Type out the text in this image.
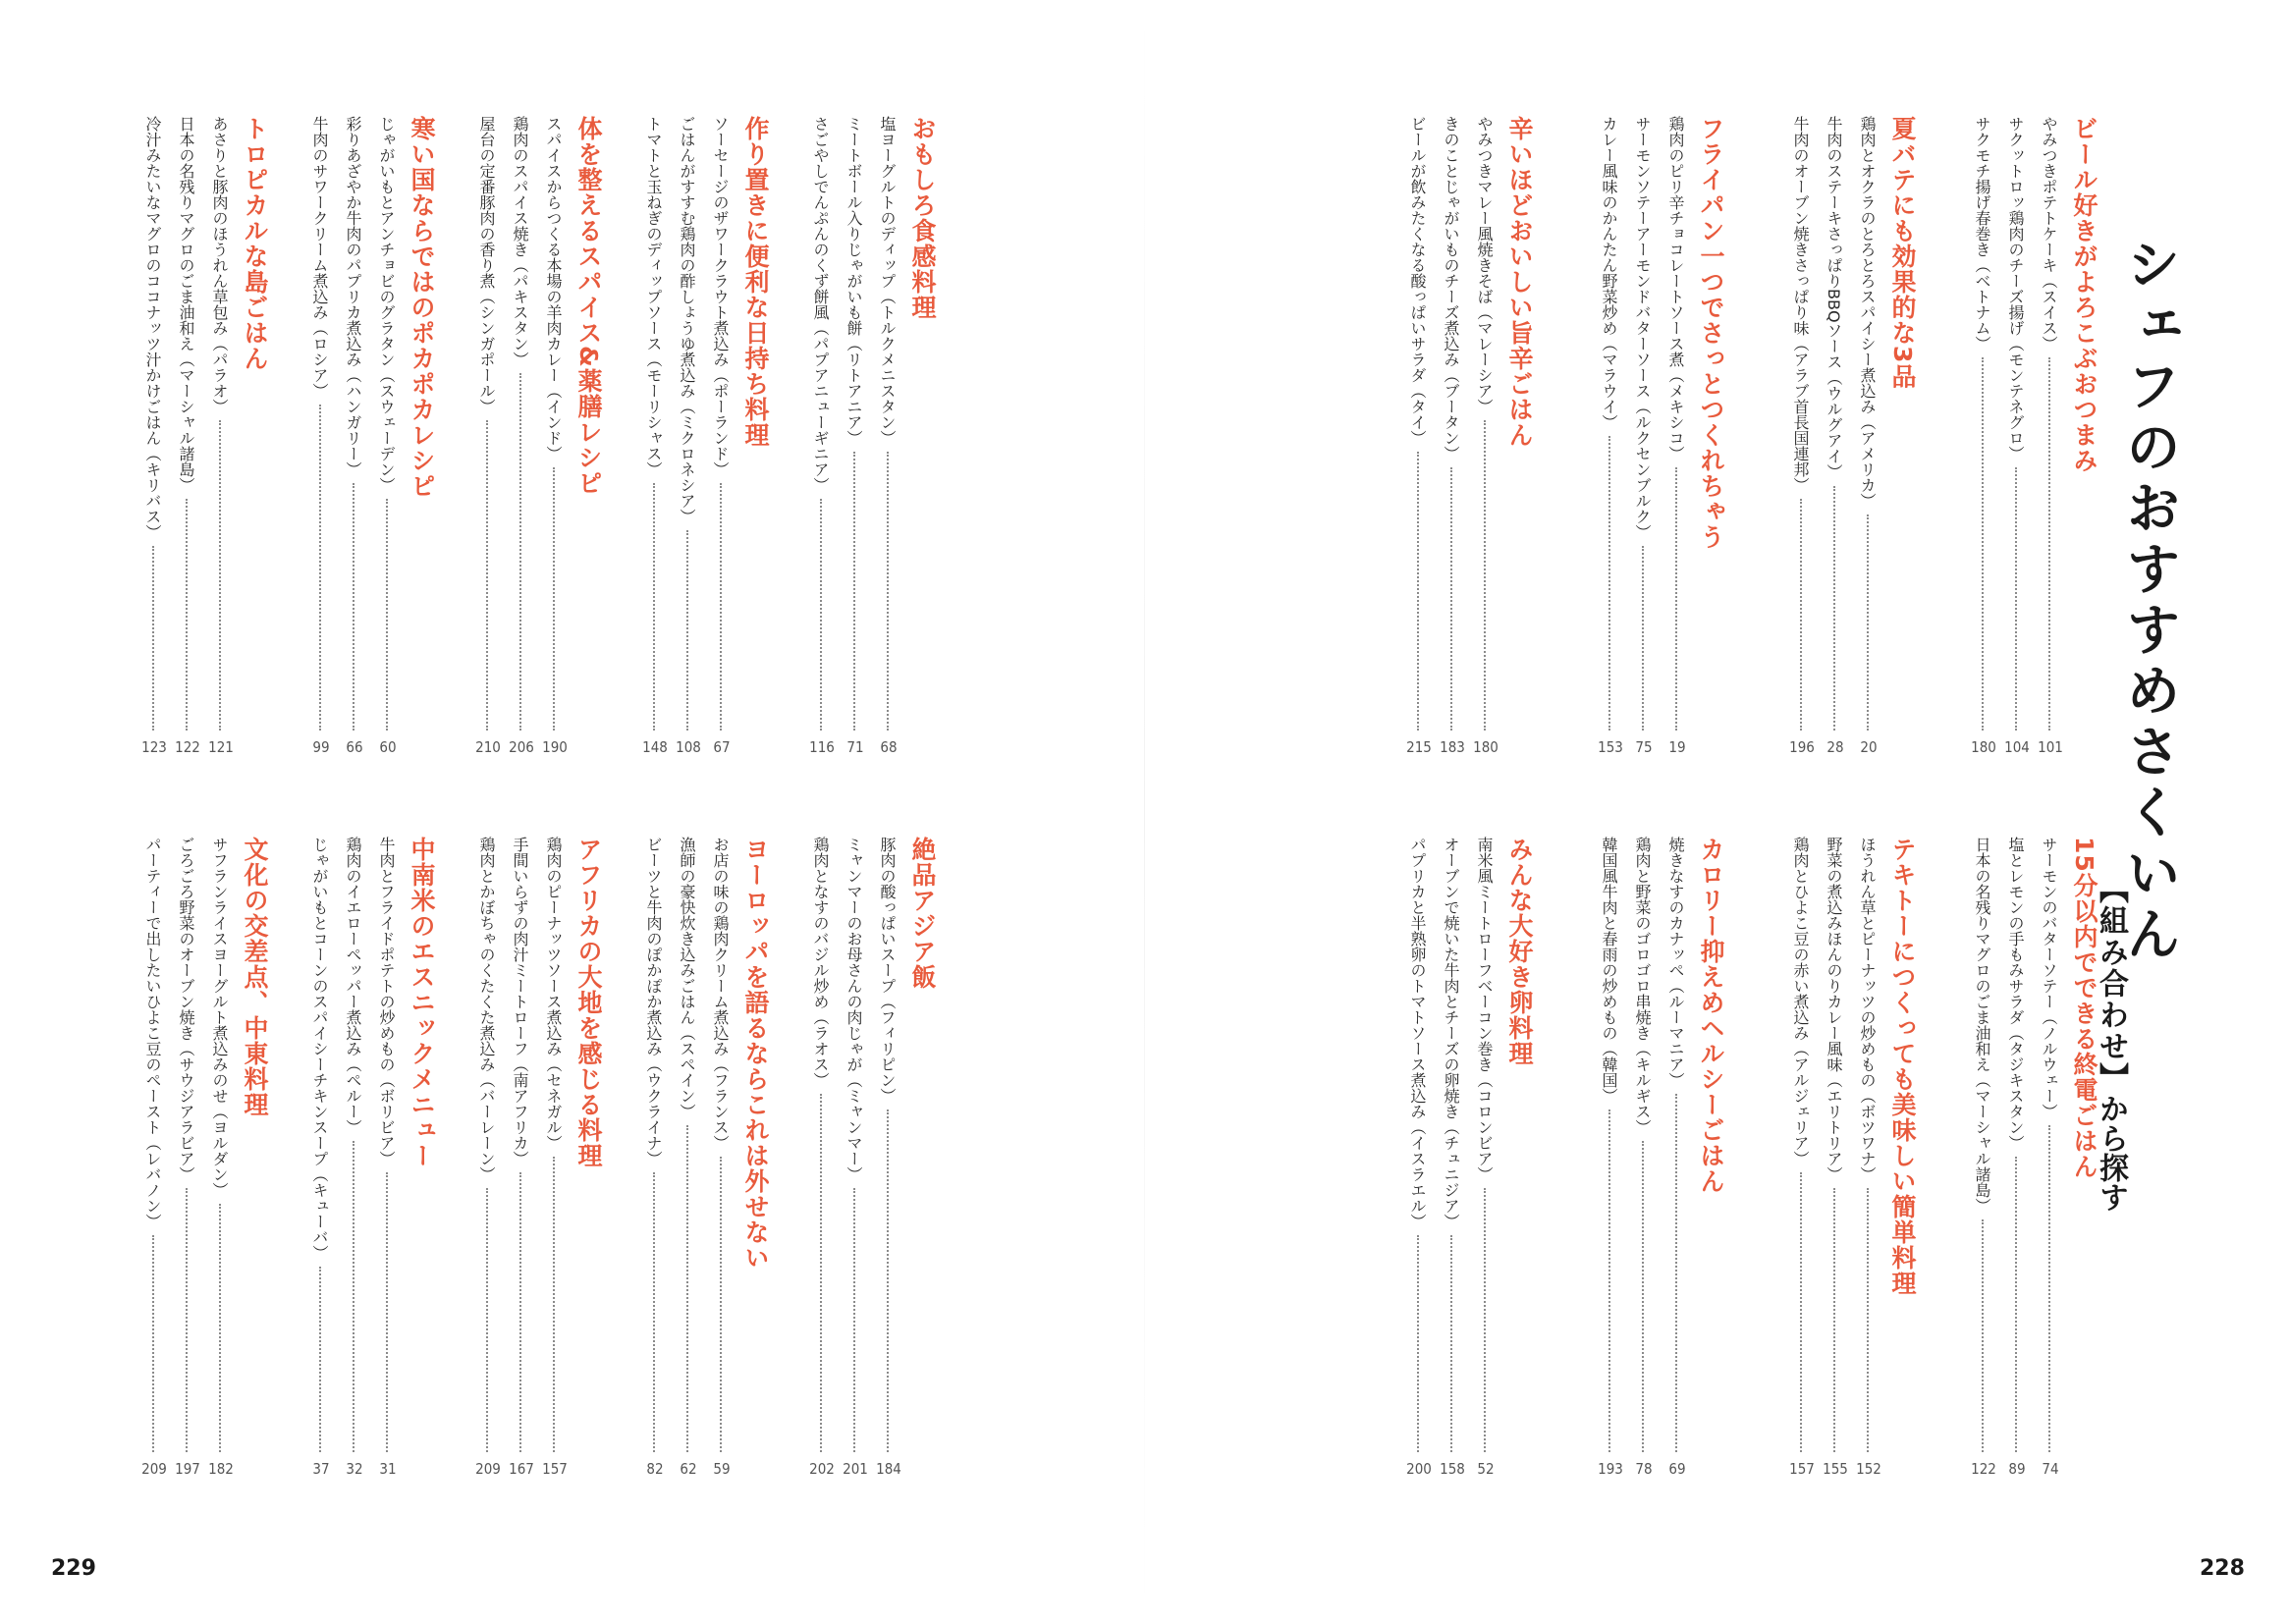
シェフのおすすめさくいん
【組み合わせ】から探す
229	228
ビール好きがよろこぶおつまみ
やみつきポテトケーキ（スイス）
101
サクットロッ鶏肉のチーズ揚げ（モンテネグロ）
104
サクモチ揚げ春巻き（ベトナム）
180
夏バテにも効果的な3品
鶏肉とオクラのとろとろスパイシー煮込み（アメリカ）
20
牛肉のステーキさっぱりBBQソース（ウルグアイ）
28
牛肉のオーブン焼きさっぱり味（アラブ首長国連邦）
196
フライパン一つでさっとつくれちゃう
鶏肉のピリ辛チョコレートソース煮（メキシコ）
19
サーモンソテーアーモンドバターソース（ルクセンブルク）
75
カレー風味のかんたん野菜炒め（マラウイ）
153
辛いほどおいしい旨辛ごはん
やみつきマレー風焼きそば（マレーシア）
180
きのことじゃがいものチーズ煮込み（ブータン）
183
ビールが飲みたくなる酸っぱいサラダ（タイ）
215
15分以内でできる終電ごはん
サーモンのバターソテー（ノルウェー）
74
塩とレモンの手もみサラダ（タジキスタン）
89
日本の名残りマグロのごま油和え（マーシャル諸島）
122
テキトーにつくっても美味しい簡単料理
ほうれん草とピーナッツの炒めもの（ボツワナ）
152
野菜の煮込みほんのりカレー風味（エリトリア）
155
鶏肉とひよこ豆の赤い煮込み（アルジェリア）
157
カロリー抑えめヘルシーごはん
焼きなすのカナッペ（ルーマニア）
69
鶏肉と野菜のゴロゴロ串焼き（キルギス）
78
韓国風牛肉と春雨の炒めもの（韓国）
193
みんな大好き卵料理
南米風ミートローフベーコン巻き（コロンビア）
52
オーブンで焼いた牛肉とチーズの卵焼き（チュニジア）
158
パプリカと半熟卵のトマトソース煮込み（イスラエル）
200
おもしろ食感料理
塩ヨーグルトのディップ（トルクメニスタン）
68
ミートボール入りじゃがいも餅（リトアニア）
71
さごやしでんぷんのくず餅風（パプアニューギニア）
116
作り置きに便利な日持ち料理
ソーセージのザワークラウト煮込み（ポーランド）
67
ごはんがすすむ鶏肉の酢しょうゆ煮込み（ミクロネシア）
108
トマトと玉ねぎのディップソース（モーリシャス）
148
体を整えるスパイス&薬膳レシピ
スパイスからつくる本場の羊肉カレー（インド）
190
鶏肉のスパイス焼き（パキスタン）
206
屋台の定番豚肉の香り煮（シンガポール）
210
寒い国ならではのポカポカレシピ
じゃがいもとアンチョビのグラタン（スウェーデン）
60
彩りあざやか牛肉のパプリカ煮込み（ハンガリー）
66
牛肉のサワークリーム煮込み（ロシア）
99
トロピカルな島ごはん
あさりと豚肉のほうれん草包み（パラオ）
121
日本の名残りマグロのごま油和え（マーシャル諸島）
122
冷汁みたいなマグロのココナッツ汁かけごはん（キリバス）
123
絶品アジア飯
豚肉の酸っぱいスープ（フィリピン）
184
ミャンマーのお母さんの肉じゃが（ミャンマー）
201
鶏肉となすのバジル炒め（ラオス）
202
ヨーロッパを語るならこれは外せない
お店の味の鶏肉クリーム煮込み（フランス）
59
漁師の豪快炊き込みごはん（スペイン）
62
ビーツと牛肉のぽかぽか煮込み（ウクライナ）
82
アフリカの大地を感じる料理
鶏肉のピーナッツソース煮込み（セネガル）
157
手間いらずの肉汁ミートローフ（南アフリカ）
167
鶏肉とかぼちゃのくたくた煮込み（バーレーン）
209
中南米のエスニックメニュー
牛肉とフライドポテトの炒めもの（ボリビア）
31
鶏肉のイエローペッパー煮込み（ペルー）
32
じゃがいもとコーンのスパイシーチキンスープ（キューバ）
37
文化の交差点、中東料理
サフランライスヨーグルト煮込みのせ（ヨルダン）
182
ごろごろ野菜のオーブン焼き（サウジアラビア）
197
パーティーで出したいひよこ豆のペースト（レバノン）
209
